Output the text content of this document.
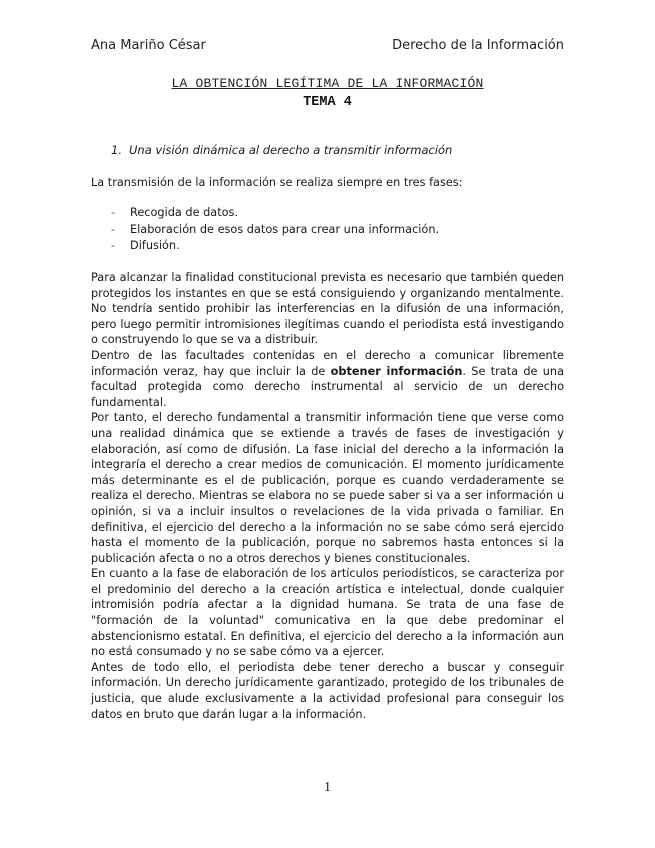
Ana Mariño César	Derecho de la Información
LA OBTENCIÓN LEGÍTIMA DE LA INFORMACIÓN
TEMA 4
1. Una visión dinámica al derecho a transmitir información
La transmisión de la información se realiza siempre en tres fases:
- Recogida de datos.
- Elaboración de esos datos para crear una información.
- Difusión.

Para alcanzar la finalidad constitucional prevista es necesario que también queden protegidos los instantes en que se está consiguiendo y organizando mentalmente. No tendría sentido prohibir las interferencias en la difusión de una información, pero luego permitir intromisiones ilegítimas cuando el periodista está investigando o construyendo lo que se va a distribuir.

Dentro de las facultades contenidas en el derecho a comunicar libremente información veraz, hay que incluir la de obtener información. Se trata de una facultad protegida como derecho instrumental al servicio de un derecho fundamental.

Por tanto, el derecho fundamental a transmitir información tiene que verse como una realidad dinámica que se extiende a través de fases de investigación y elaboración, así como de difusión. La fase inicial del derecho a la información la integraría el derecho a crear medios de comunicación. El momento jurídicamente más determinante es el de publicación, porque es cuando verdaderamente se realiza el derecho. Mientras se elabora no se puede saber si va a ser información u opinión, si va a incluir insultos o revelaciones de la vida privada o familiar. En definitiva, el ejercicio del derecho a la información no se sabe cómo será ejercido hasta el momento de la publicación, porque no sabremos hasta entonces si la publicación afecta o no a otros derechos y bienes constitucionales.

En cuanto a la fase de elaboración de los artículos periodísticos, se caracteriza por el predominio del derecho a la creación artística e intelectual, donde cualquier intromisión podría afectar a la dignidad humana. Se trata de una fase de "formación de la voluntad" comunicativa en la que debe predominar el abstencionismo estatal. En definitiva, el ejercicio del derecho a la información aun no está consumado y no se sabe cómo va a ejercer.

Antes de todo ello, el periodista debe tener derecho a buscar y conseguir información. Un derecho jurídicamente garantizado, protegido de los tribunales de justicia, que alude exclusivamente a la actividad profesional para conseguir los datos en bruto que darán lugar a la información.

1
